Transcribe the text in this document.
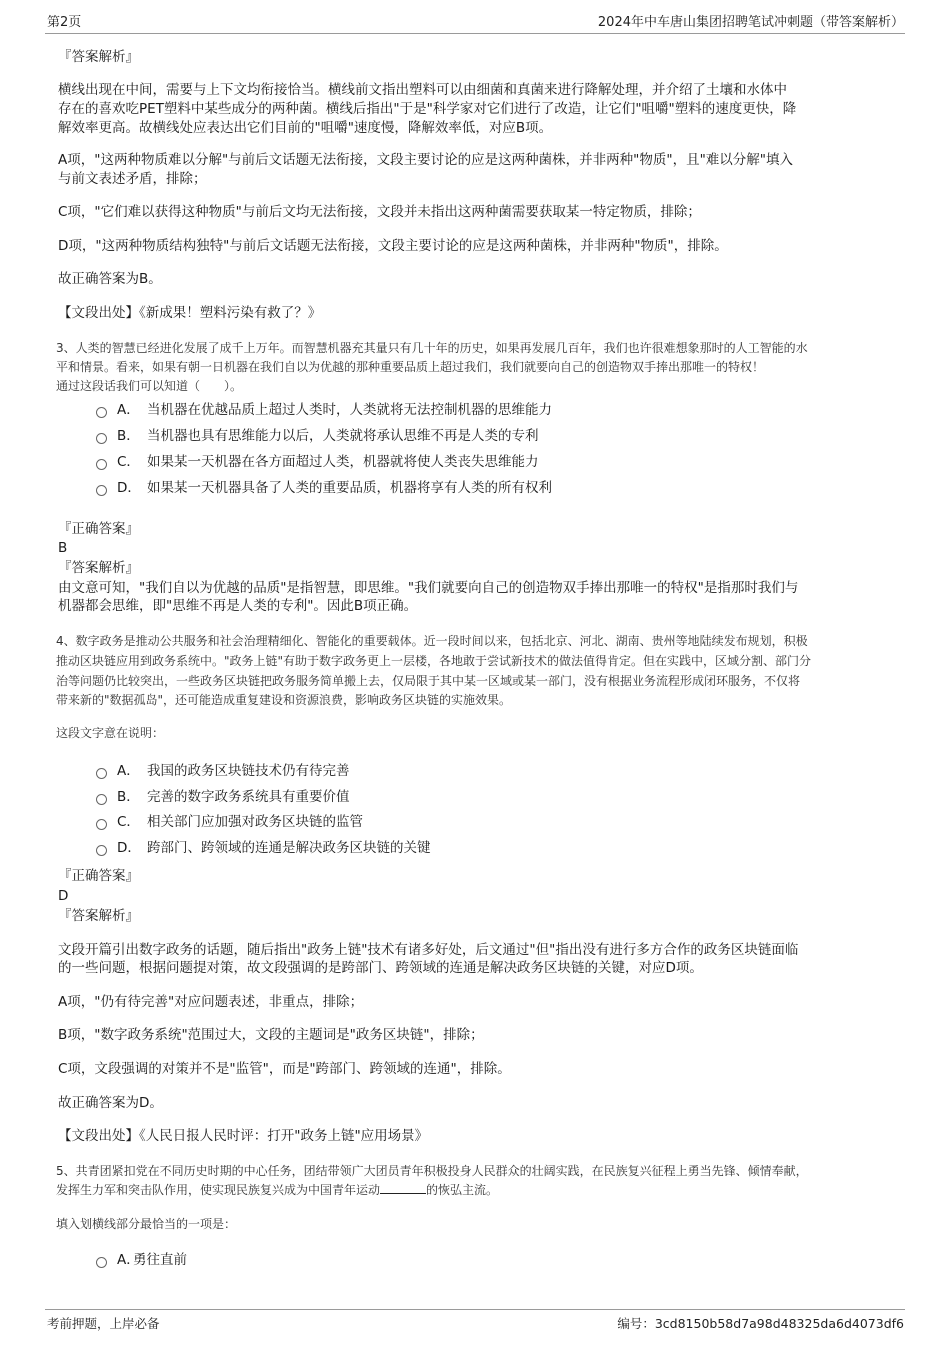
第2页	2024年中车唐山集团招聘笔试冲刺题（带答案解析）
『答案解析』
横线出现在中间，需要与上下文均衔接恰当。横线前文指出塑料可以由细菌和真菌来进行降解处理，并介绍了土壤和水体中
存在的喜欢吃PET塑料中某些成分的两种菌。横线后指出"于是"科学家对它们进行了改造，让它们"咀嚼"塑料的速度更快，降
解效率更高。故横线处应表达出它们目前的"咀嚼"速度慢，降解效率低，对应B项。
A项，"这两种物质难以分解"与前后文话题无法衔接，文段主要讨论的应是这两种菌株，并非两种"物质"，且"难以分解"填入
与前文表述矛盾，排除；
C项，"它们难以获得这种物质"与前后文均无法衔接，文段并未指出这两种菌需要获取某一特定物质，排除；
D项，"这两种物质结构独特"与前后文话题无法衔接，文段主要讨论的应是这两种菌株，并非两种"物质"，排除。
故正确答案为B。
【文段出处】《新成果！塑料污染有救了？》
3、人类的智慧已经进化发展了成千上万年。而智慧机器充其量只有几十年的历史，如果再发展几百年，我们也许很难想象那时的人工智能的水
平和情景。看来，如果有朝一日机器在我们自以为优越的那种重要品质上超过我们，我们就要向自己的创造物双手捧出那唯一的特权！
通过这段话我们可以知道（　　）。
A． 当机器在优越品质上超过人类时，人类就将无法控制机器的思维能力
B． 当机器也具有思维能力以后，人类就将承认思维不再是人类的专利
C． 如果某一天机器在各方面超过人类，机器就将使人类丧失思维能力
D． 如果某一天机器具备了人类的重要品质，机器将享有人类的所有权利
『正确答案』
B
『答案解析』
由文意可知，"我们自以为优越的品质"是指智慧，即思维。"我们就要向自己的创造物双手捧出那唯一的特权"是指那时我们与
机器都会思维，即"思维不再是人类的专利"。因此B项正确。
4、数字政务是推动公共服务和社会治理精细化、智能化的重要载体。近一段时间以来，包括北京、河北、湖南、贵州等地陆续发布规划，积极
推动区块链应用到政务系统中。"政务上链"有助于数字政务更上一层楼，各地敢于尝试新技术的做法值得肯定。但在实践中，区域分割、部门分
治等问题仍比较突出，一些政务区块链把政务服务简单搬上去，仅局限于其中某一区域或某一部门，没有根据业务流程形成闭环服务，不仅将
带来新的"数据孤岛"，还可能造成重复建设和资源浪费，影响政务区块链的实施效果。
这段文字意在说明：
A． 我国的政务区块链技术仍有待完善
B． 完善的数字政务系统具有重要价值
C． 相关部门应加强对政务区块链的监管
D． 跨部门、跨领域的连通是解决政务区块链的关键
『正确答案』
D
『答案解析』
文段开篇引出数字政务的话题，随后指出"政务上链"技术有诸多好处，后文通过"但"指出没有进行多方合作的政务区块链面临
的一些问题，根据问题提对策，故文段强调的是跨部门、跨领域的连通是解决政务区块链的关键，对应D项。
A项，"仍有待完善"对应问题表述，非重点，排除；
B项，"数字政务系统"范围过大，文段的主题词是"政务区块链"，排除；
C项，文段强调的对策并不是"监管"，而是"跨部门、跨领域的连通"，排除。
故正确答案为D。
【文段出处】《人民日报人民时评：打开"政务上链"应用场景》
5、共青团紧扣党在不同历史时期的中心任务，团结带领广大团员青年积极投身人民群众的壮阔实践，在民族复兴征程上勇当先锋、倾情奉献，
发挥生力军和突击队作用，使实现民族复兴成为中国青年运动	的恢弘主流。
填入划横线部分最恰当的一项是：
A．勇往直前
考前押题，上岸必备	编号：3cd8150b58d7a98d48325da6d4073df6
